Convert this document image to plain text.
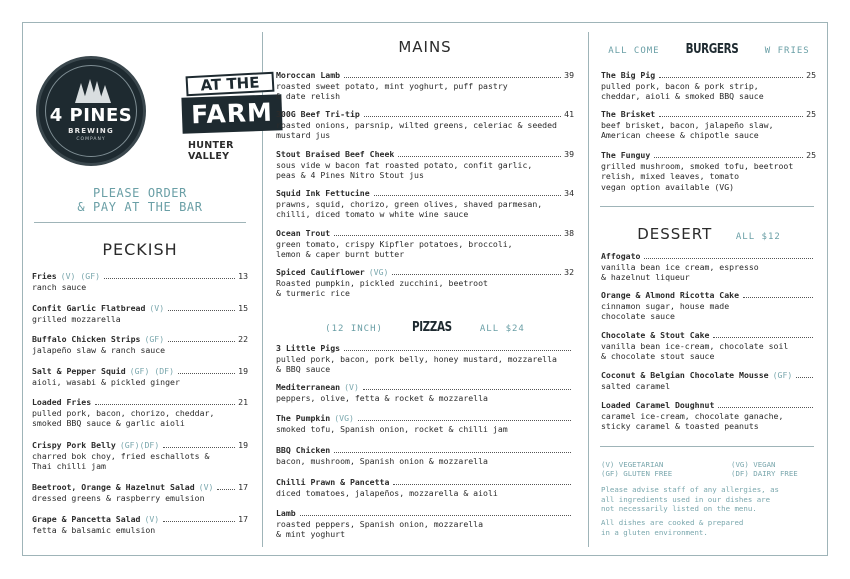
4 PINES
BREWING
COMPANY
AT THE
FARM
HUNTER VALLEY
PLEASE ORDER
& PAY AT THE BAR
PECKISH
Fries (V) (GF)	13
ranch sauce
Confit Garlic Flatbread (V)	15
grilled mozzarella
Buffalo Chicken Strips (GF)	22
jalapeño slaw & ranch sauce
Salt & Pepper Squid (GF) (DF)	19
aioli, wasabi & pickled ginger
Loaded Fries	21
pulled pork, bacon, chorizo, cheddar,
smoked BBQ sauce & garlic aioli
Crispy Pork Belly (GF)(DF)	19
charred bok choy, fried eschallots &
Thai chilli jam
Beetroot, Orange & Hazelnut Salad (V)	17
dressed greens & raspberry emulsion
Grape & Pancetta Salad (V)	17
fetta & balsamic emulsion
MAINS
Moroccan Lamb	39
roasted sweet potato, mint yoghurt, puff pastry
& date relish
300G Beef Tri-tip	41
roasted onions, parsnip, wilted greens, celeriac & seeded
mustard jus
Stout Braised Beef Cheek	39
sous vide w bacon fat roasted potato, confit garlic,
peas & 4 Pines Nitro Stout jus
Squid Ink Fettucine	34
prawns, squid, chorizo, green olives, shaved parmesan,
chilli, diced tomato w white wine sauce
Ocean Trout	38
green tomato, crispy Kipfler potatoes, broccoli,
lemon & caper burnt butter
Spiced Cauliflower (VG)	32
Roasted pumpkin, pickled zucchini, beetroot
& turmeric rice
(12 INCH) PIZZAS	ALL $24
3 Little Pigs
pulled pork, bacon, pork belly, honey mustard, mozzarella
& BBQ sauce
Mediterranean (V)
peppers, olive, fetta & rocket & mozzarella
The Pumpkin (VG)
smoked tofu, Spanish onion, rocket & chilli jam
BBQ Chicken
bacon, mushroom, Spanish onion & mozzarella
Chilli Prawn & Pancetta
diced tomatoes, jalapeños, mozzarella & aioli
Lamb
roasted peppers, Spanish onion, mozzarella
& mint yoghurt
ALL COME BURGERS	W FRIES
The Big Pig	25
pulled pork, bacon & pork strip,
cheddar, aioli & smoked BBQ sauce
The Brisket	25
beef brisket, bacon, jalapeño slaw,
American cheese & chipotle sauce
The Funguy	25
grilled mushroom, smoked tofu, beetroot
relish, mixed leaves, tomato
vegan option available (VG)
DESSERT	ALL $12
Affogato
vanilla bean ice cream, espresso
& hazelnut liqueur
Orange & Almond Ricotta Cake
cinnamon sugar, house made
chocolate sauce
Chocolate & Stout Cake
vanilla bean ice-cream, chocolate soil
& chocolate stout sauce
Coconut & Belgian Chocolate Mousse (GF)
salted caramel
Loaded Caramel Doughnut
caramel ice-cream, chocolate ganache,
sticky caramel & toasted peanuts
(V) VEGETARIAN
(GF) GLUTEN FREE
(VG) VEGAN
(DF) DAIRY FREE
Please advise staff of any allergies, as
all ingredients used in our dishes are
not necessarily listed on the menu.
All dishes are cooked & prepared
in a gluten environment.
